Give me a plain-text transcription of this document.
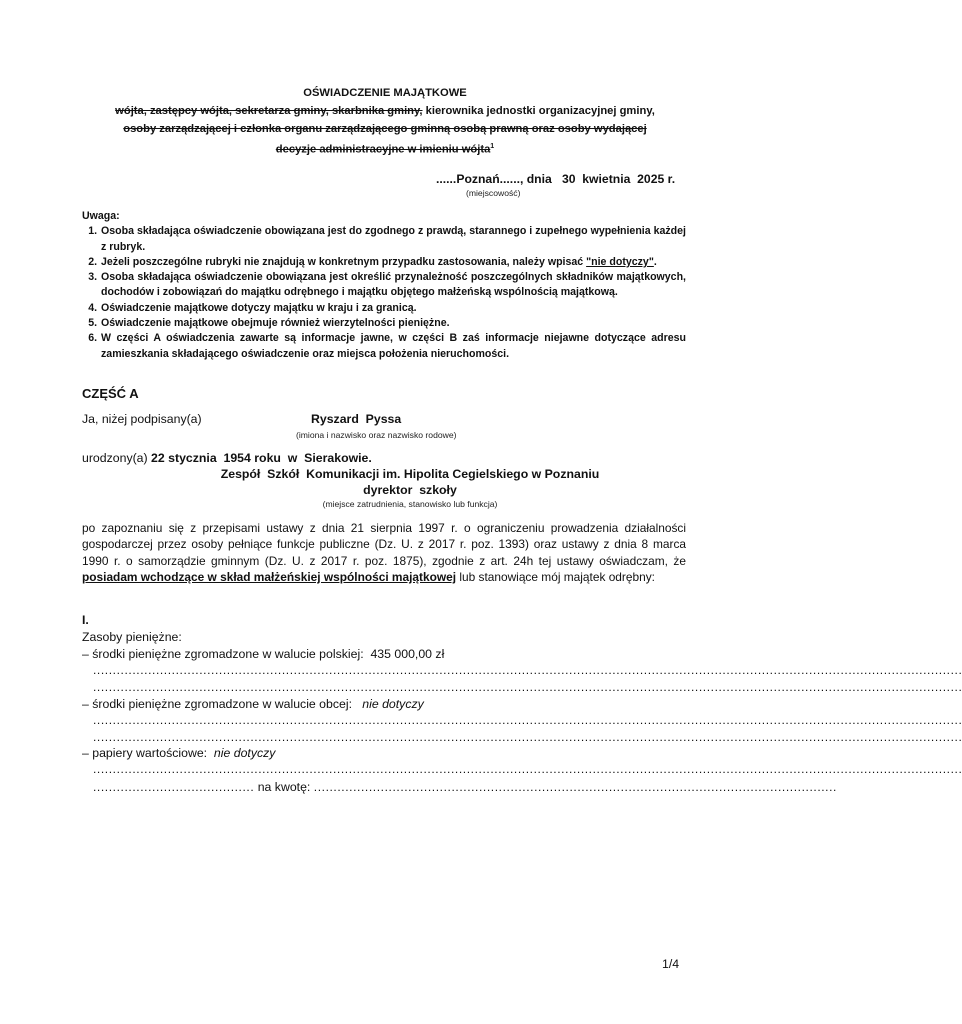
OŚWIADCZENIE MAJĄTKOWE
wójta, zastępcy wójta, sekretarza gminy, skarbnika gminy, kierownika jednostki organizacyjnej gminy,
osoby zarządzającej i członka organu zarządzającego gminną osobą prawną oraz osoby wydającej
decyzje administracyjne w imieniu wójta$^1$
......Poznań......, dnia   30  kwietnia  2025 r.
(miejscowość)
Uwaga:
1. Osoba składająca oświadczenie obowiązana jest do zgodnego z prawdą, starannego i zupełnego wypełnienia każdej z rubryk.
2. Jeżeli poszczególne rubryki nie znajdują w konkretnym przypadku zastosowania, należy wpisać "nie dotyczy".
3. Osoba składająca oświadczenie obowiązana jest określić przynależność poszczególnych składników majątkowych, dochodów i zobowiązań do majątku odrębnego i majątku objętego małżeńską wspólnością majątkową.
4. Oświadczenie majątkowe dotyczy majątku w kraju i za granicą.
5. Oświadczenie majątkowe obejmuje również wierzytelności pieniężne.
6. W części A oświadczenia zawarte są informacje jawne, w części B zaś informacje niejawne dotyczące adresu zamieszkania składającego oświadczenie oraz miejsca położenia nieruchomości.
CZĘŚĆ A
Ja, niżej podpisany(a)	Ryszard  Pyssa
(imiona i nazwisko oraz nazwisko rodowe)
urodzony(a) 22 stycznia  1954 roku  w  Sierakowie.
Zespół  Szkół  Komunikacji im. Hipolita Cegielskiego w Poznaniu
dyrektor  szkoły
(miejsce zatrudnienia, stanowisko lub funkcja)
po zapoznaniu się z przepisami ustawy z dnia 21 sierpnia 1997 r. o ograniczeniu prowadzenia działalności gospodarczej przez osoby pełniące funkcje publiczne (Dz. U. z 2017 r. poz. 1393) oraz ustawy z dnia 8 marca 1990 r. o samorządzie gminnym (Dz. U. z 2017 r. poz. 1875), zgodnie z art. 24h tej ustawy oświadczam, że posiadam wchodzące w skład małżeńskiej wspólności majątkowej lub stanowiące mój majątek odrębny:
I.
Zasoby pieniężne:
– środki pieniężne zgromadzone w walucie polskiej: 435 000,00 zł
.............................................................................................................................................................................................................................
.............................................................................................................................................................................................................................
– środki pieniężne zgromadzone w walucie obcej: nie dotyczy
.............................................................................................................................................................................................................................
.............................................................................................................................................................................................................................
– papiery wartościowe: nie dotyczy
.............................................................................................................................................................................................................................
......................................... na kwotę: .....................................................................................................................................
1/4
